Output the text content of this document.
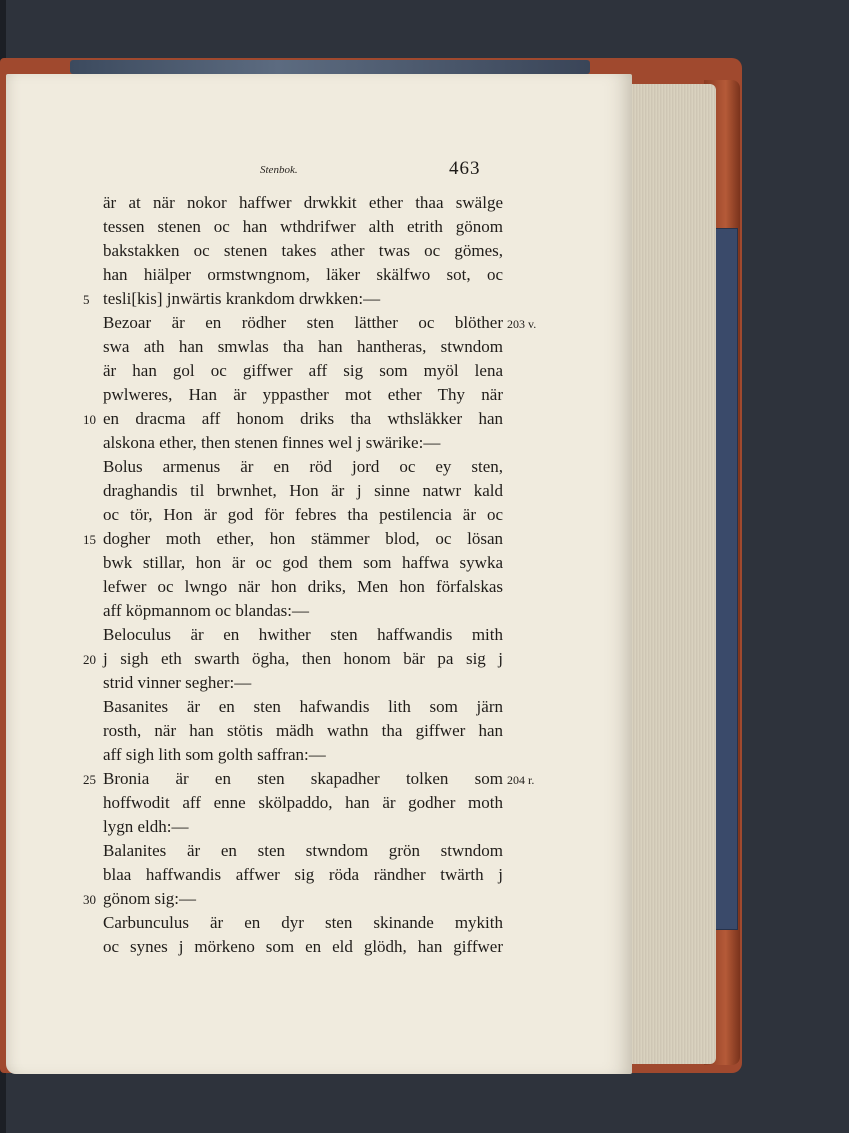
Stenbok.	463
är at när nokor haffwer drwkkit ether thaa swälge
tessen stenen oc han wthdrifwer alth etrith gönom
bakstakken oc stenen takes ather twas oc gömes,
han hiälper ormstwngnom, läker skälfwo sot, oc
tesli[kis] jnwärtis krankdom drwkken:—
5
Bezoar är en rödher sten lätther oc blöther
swa ath han smwlas tha han hantheras, stwndom
är han gol oc giffwer aff sig som myöl lena
pwlweres, Han är yppasther mot ether Thy när
en dracma aff honom driks tha wthsläkker han
10
alskona ether, then stenen finnes wel j swärike:—
Bolus armenus är en röd jord oc ey sten,
draghandis til brwnhet, Hon är j sinne natwr kald
oc tör, Hon är god för febres tha pestilencia är oc
dogher moth ether, hon stämmer blod, oc lösan
15
bwk stillar, hon är oc god them som haffwa sywka
lefwer oc lwngo när hon driks, Men hon förfalskas
aff köpmannom oc blandas:—
Beloculus är en hwither sten haffwandis mith
j sigh eth swarth ögha, then honom bär pa sig j
20
strid vinner segher:—
Basanites är en sten hafwandis lith som järn
rosth, när han stötis mädh wathn tha giffwer han
aff sigh lith som golth saffran:—
Bronia är en sten skapadher tolken som
25
hoffwodit aff enne skölpaddo, han är godher moth
lygn eldh:—
Balanites är en sten stwndom grön stwndom
blaa haffwandis affwer sig röda rändher twärth j
gönom sig:—
30
Carbunculus är en dyr sten skinande mykith
oc synes j mörkeno som en eld glödh, han giffwer
203 v.
204 r.
